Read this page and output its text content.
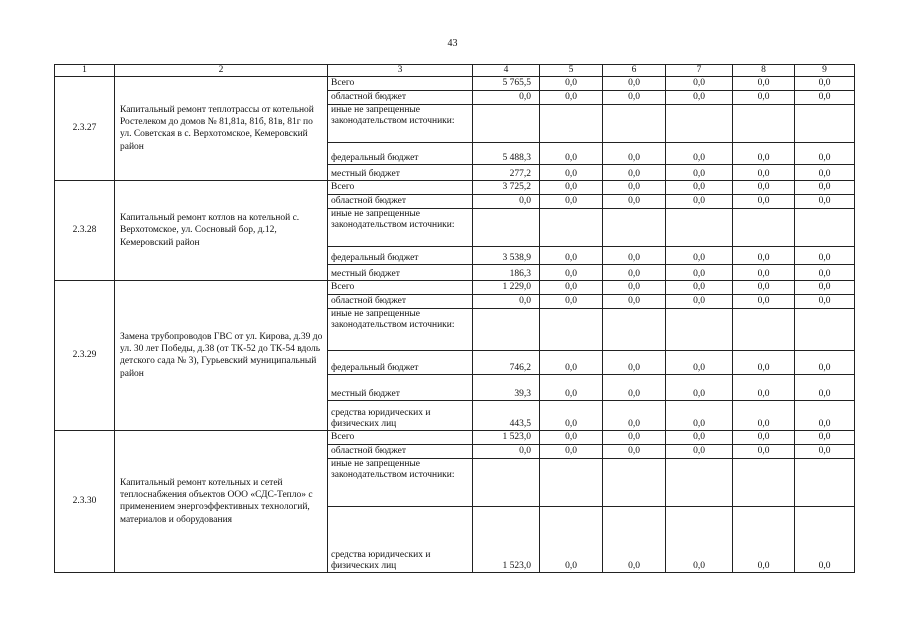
43
1	2	3	4	5	6	7	8	9
2.3.27	Капитальный ремонт теплотрассы от котельной Ростелеком до домов № 81,81а, 81б, 81в, 81г по ул. Советская в с. Верхотомское, Кемеровский район	Всего	5 765,5	0,0	0,0	0,0	0,0	0,0
		областной бюджет	0,0	0,0	0,0	0,0	0,0	0,0
		иные не запрещенные законодательством источники:						
		федеральный бюджет	5 488,3	0,0	0,0	0,0	0,0	0,0
		местный бюджет	277,2	0,0	0,0	0,0	0,0	0,0
2.3.28	Капитальный ремонт котлов на котельной с. Верхотомское, ул. Сосновый бор, д.12, Кемеровский район	Всего	3 725,2	0,0	0,0	0,0	0,0	0,0
		областной бюджет	0,0	0,0	0,0	0,0	0,0	0,0
		иные не запрещенные законодательством источники:						
		федеральный бюджет	3 538,9	0,0	0,0	0,0	0,0	0,0
		местный бюджет	186,3	0,0	0,0	0,0	0,0	0,0
2.3.29	Замена трубопроводов ГВС от ул. Кирова, д.39 до ул. 30 лет Победы, д.38 (от ТК-52 до ТК-54 вдоль детского сада № 3), Гурьевский муниципальный район	Всего	1 229,0	0,0	0,0	0,0	0,0	0,0
		областной бюджет	0,0	0,0	0,0	0,0	0,0	0,0
		иные не запрещенные законодательством источники:						
		федеральный бюджет	746,2	0,0	0,0	0,0	0,0	0,0
		местный бюджет	39,3	0,0	0,0	0,0	0,0	0,0
		средства юридических и физических лиц	443,5	0,0	0,0	0,0	0,0	0,0
2.3.30	Капитальный ремонт котельных и сетей теплоснабжения объектов ООО «СДС-Тепло» с применением энергоэффективных технологий, материалов и оборудования	Всего	1 523,0	0,0	0,0	0,0	0,0	0,0
		областной бюджет	0,0	0,0	0,0	0,0	0,0	0,0
		иные не запрещенные законодательством источники:						
		средства юридических и физических лиц	1 523,0	0,0	0,0	0,0	0,0	0,0
